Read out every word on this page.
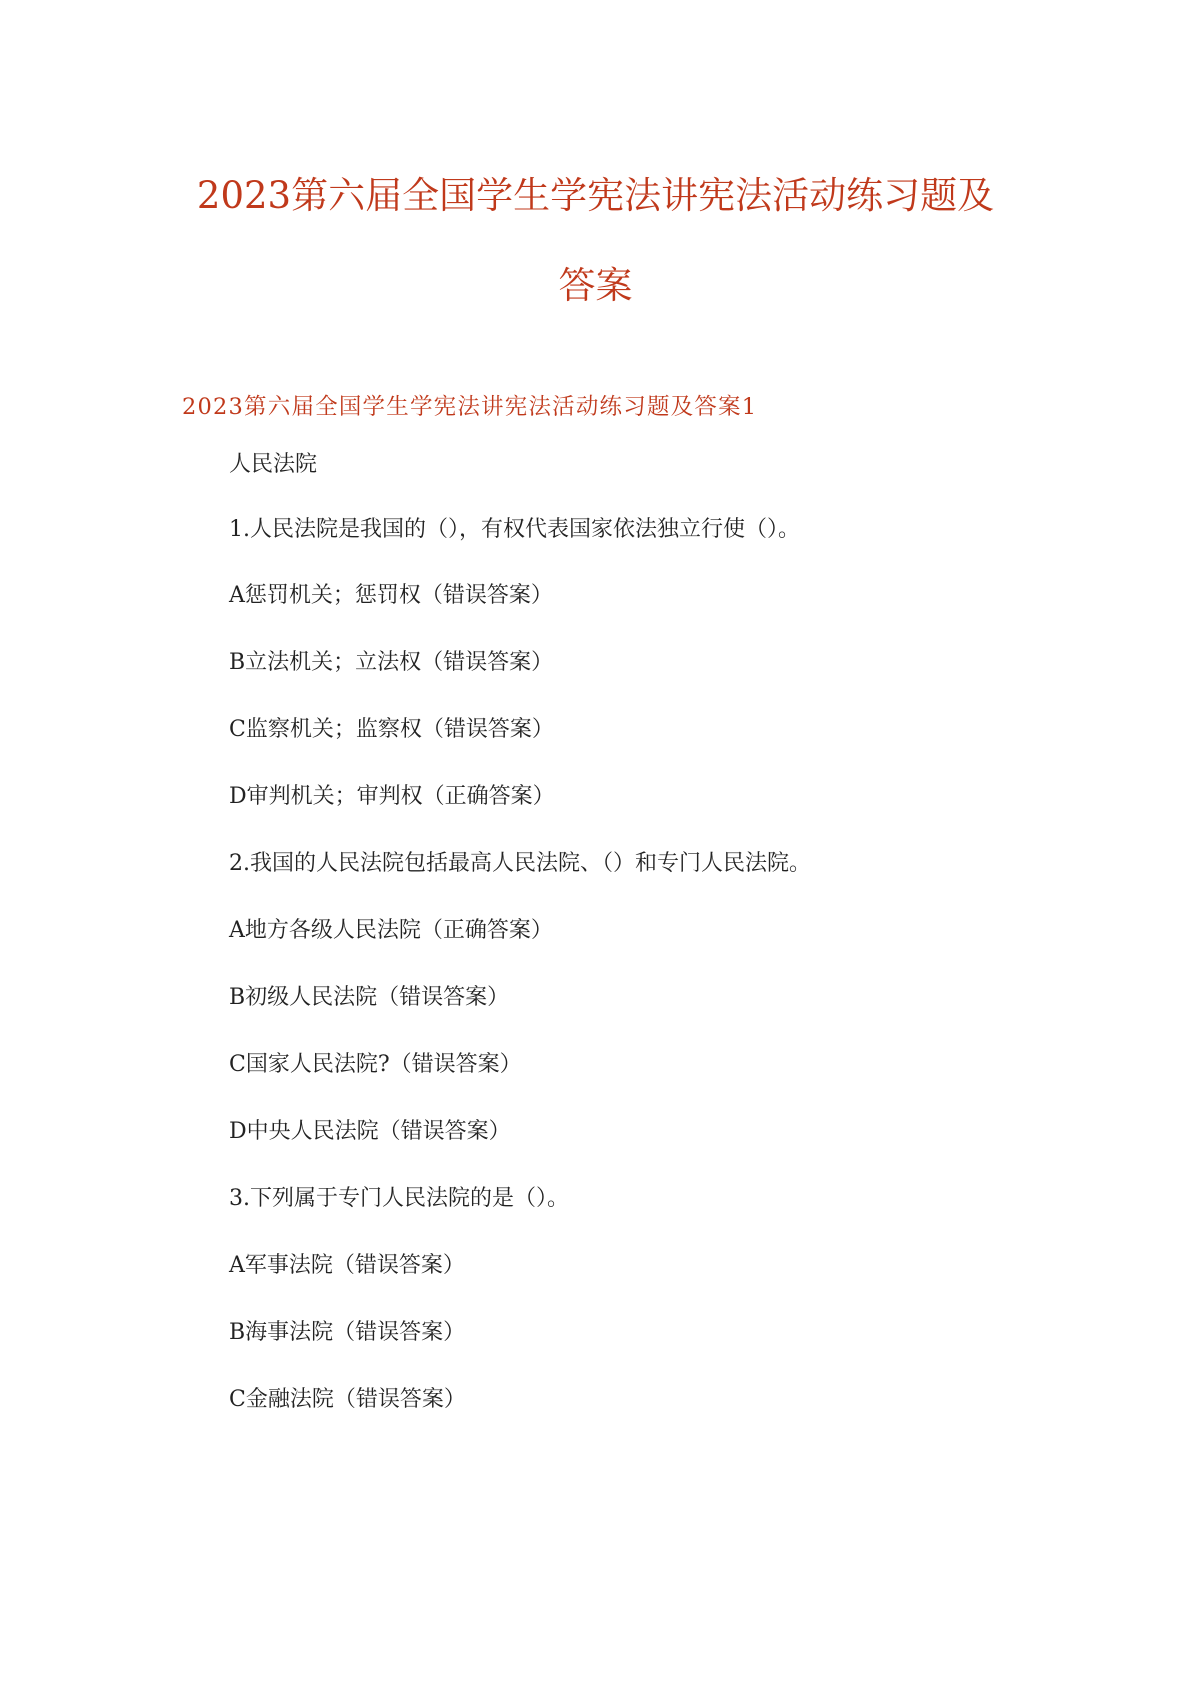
2023第六届全国学生学宪法讲宪法活动练习题及
答案
2023第六届全国学生学宪法讲宪法活动练习题及答案1

人民法院

1.人民法院是我国的（），有权代表国家依法独立行使（）。

A惩罚机关；惩罚权（错误答案）

B立法机关；立法权（错误答案）

C监察机关；监察权（错误答案）

D审判机关；审判权（正确答案）

2.我国的人民法院包括最高人民法院、（）和专门人民法院。

A地方各级人民法院（正确答案）

B初级人民法院（错误答案）

C国家人民法院?（错误答案）

D中央人民法院（错误答案）

3.下列属于专门人民法院的是（）。

A军事法院（错误答案）

B海事法院（错误答案）

C金融法院（错误答案）
